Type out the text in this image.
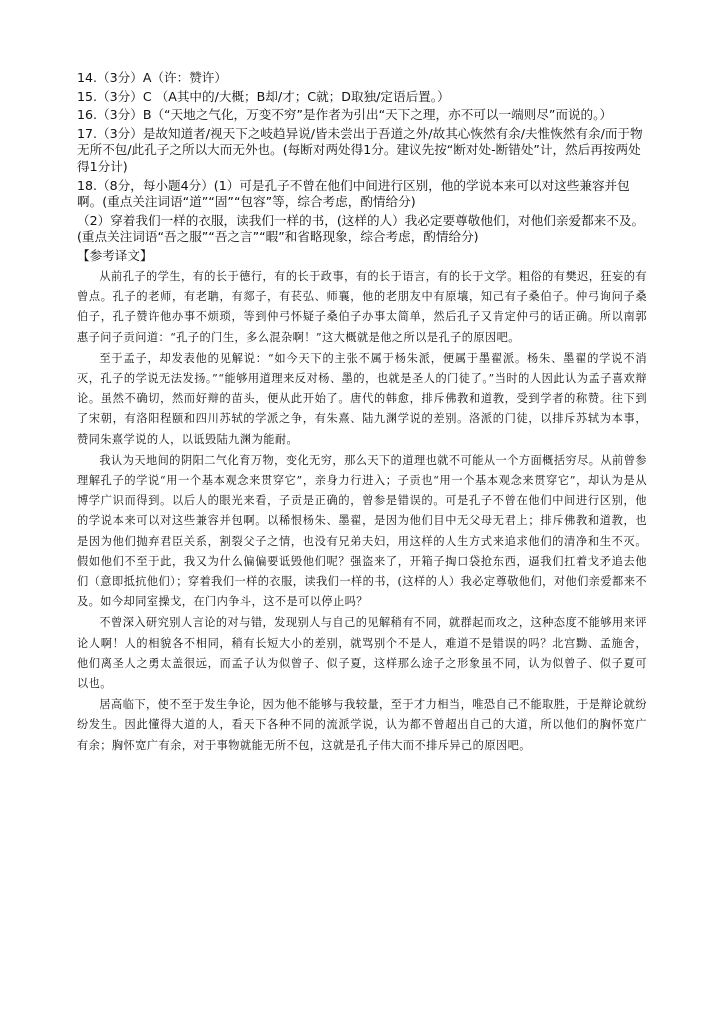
14.（3分）A（许：赞许）

15.（3分）C （A其中的/大概；B却/才；C就；D取独/定语后置。）

16.（3分）B（“天地之气化，万变不穷”是作者为引出“天下之理，亦不可以一端则尽”而说的。）

17.（3分）是故知道者/视天下之岐趋异说/皆未尝出于吾道之外/故其心恢然有余/夫惟恢然有余/而于物无所不包/此孔子之所以大而无外也。(每断对两处得1分。建议先按“断对处-断错处”计，然后再按两处得1分计)

18.（8分，每小题4分）(1）可是孔子不曾在他们中间进行区别，他的学说本来可以对这些兼容并包啊。(重点关注词语“道”“固”“包容”等，综合考虑，酌情给分)

（2）穿着我们一样的衣服，读我们一样的书，(这样的人）我必定要尊敬他们，对他们亲爱都来不及。(重点关注词语“吾之服”“吾之言”“暇”和省略现象，综合考虑，酌情给分)

【参考译文】

从前孔子的学生，有的长于德行，有的长于政事，有的长于语言，有的长于文学。粗俗的有樊迟，狂妄的有曾点。孔子的老师，有老聃，有郯子，有苌弘、师襄，他的老朋友中有原壤，知己有子桑伯子。仲弓询问子桑伯子，孔子赞许他办事不烦琐，等到仲弓怀疑子桑伯子办事太简单，然后孔子又肯定仲弓的话正确。所以南郭惠子问子贡问道：“孔子的门生，多么混杂啊！”这大概就是他之所以是孔子的原因吧。

至于孟子，却发表他的见解说：“如今天下的主张不属于杨朱派，便属于墨翟派。杨朱、墨翟的学说不消灭，孔子的学说无法发扬。”“能够用道理来反对杨、墨的，也就是圣人的门徒了。”当时的人因此认为孟子喜欢辩论。虽然不确切，然而好辩的苗头，便从此开始了。唐代的韩愈，排斥佛教和道教，受到学者的称赞。往下到了宋朝，有洛阳程颐和四川苏轼的学派之争，有朱熹、陆九渊学说的差别。洛派的门徒，以排斥苏轼为本事，赞同朱熹学说的人，以诋毁陆九渊为能耐。

我认为天地间的阴阳二气化育万物，变化无穷，那么天下的道理也就不可能从一个方面概括穷尽。从前曾参理解孔子的学说“用一个基本观念来贯穿它”，亲身力行进入；子贡也“用一个基本观念来贯穿它”，却认为是从博学广识而得到。以后人的眼光来看，子贡是正确的，曾参是错误的。可是孔子不曾在他们中间进行区别，他的学说本来可以对这些兼容并包啊。以稀恨杨朱、墨翟，是因为他们目中无父母无君上；排斥佛教和道教，也是因为他们抛弃君臣关系，割裂父子之情，也没有兄弟夫妇，用这样的人生方式来追求他们的清净和生不灭。假如他们不至于此，我又为什么偏偏要诋毁他们呢？强盗来了，开箱子掏口袋抢东西，逼我们扛着戈矛追去他们（意即抵抗他们）；穿着我们一样的衣服，读我们一样的书，(这样的人）我必定尊敬他们，对他们亲爱都来不及。如今却同室操戈，在门内争斗，这不是可以停止吗？

不曾深入研究别人言论的对与错，发现别人与自己的见解稍有不同，就群起而攻之，这种态度不能够用来评论人啊！人的相貌各不相同，稍有长短大小的差别，就骂别个不是人，难道不是错误的吗？北宫黝、孟施舍，他们离圣人之勇太盖很远，而孟子认为似曾子、似子夏，这样那么途子之形象虽不同，认为似曾子、似子夏可以也。

居高临下，使不至于发生争论，因为他不能够与我较量，至于才力相当，唯恐自己不能取胜，于是辩论就纷纷发生。因此懂得大道的人，看天下各种不同的流派学说，认为都不曾超出自己的大道，所以他们的胸怀宽广有余；胸怀宽广有余，对于事物就能无所不包，这就是孔子伟大而不排斥异己的原因吧。
